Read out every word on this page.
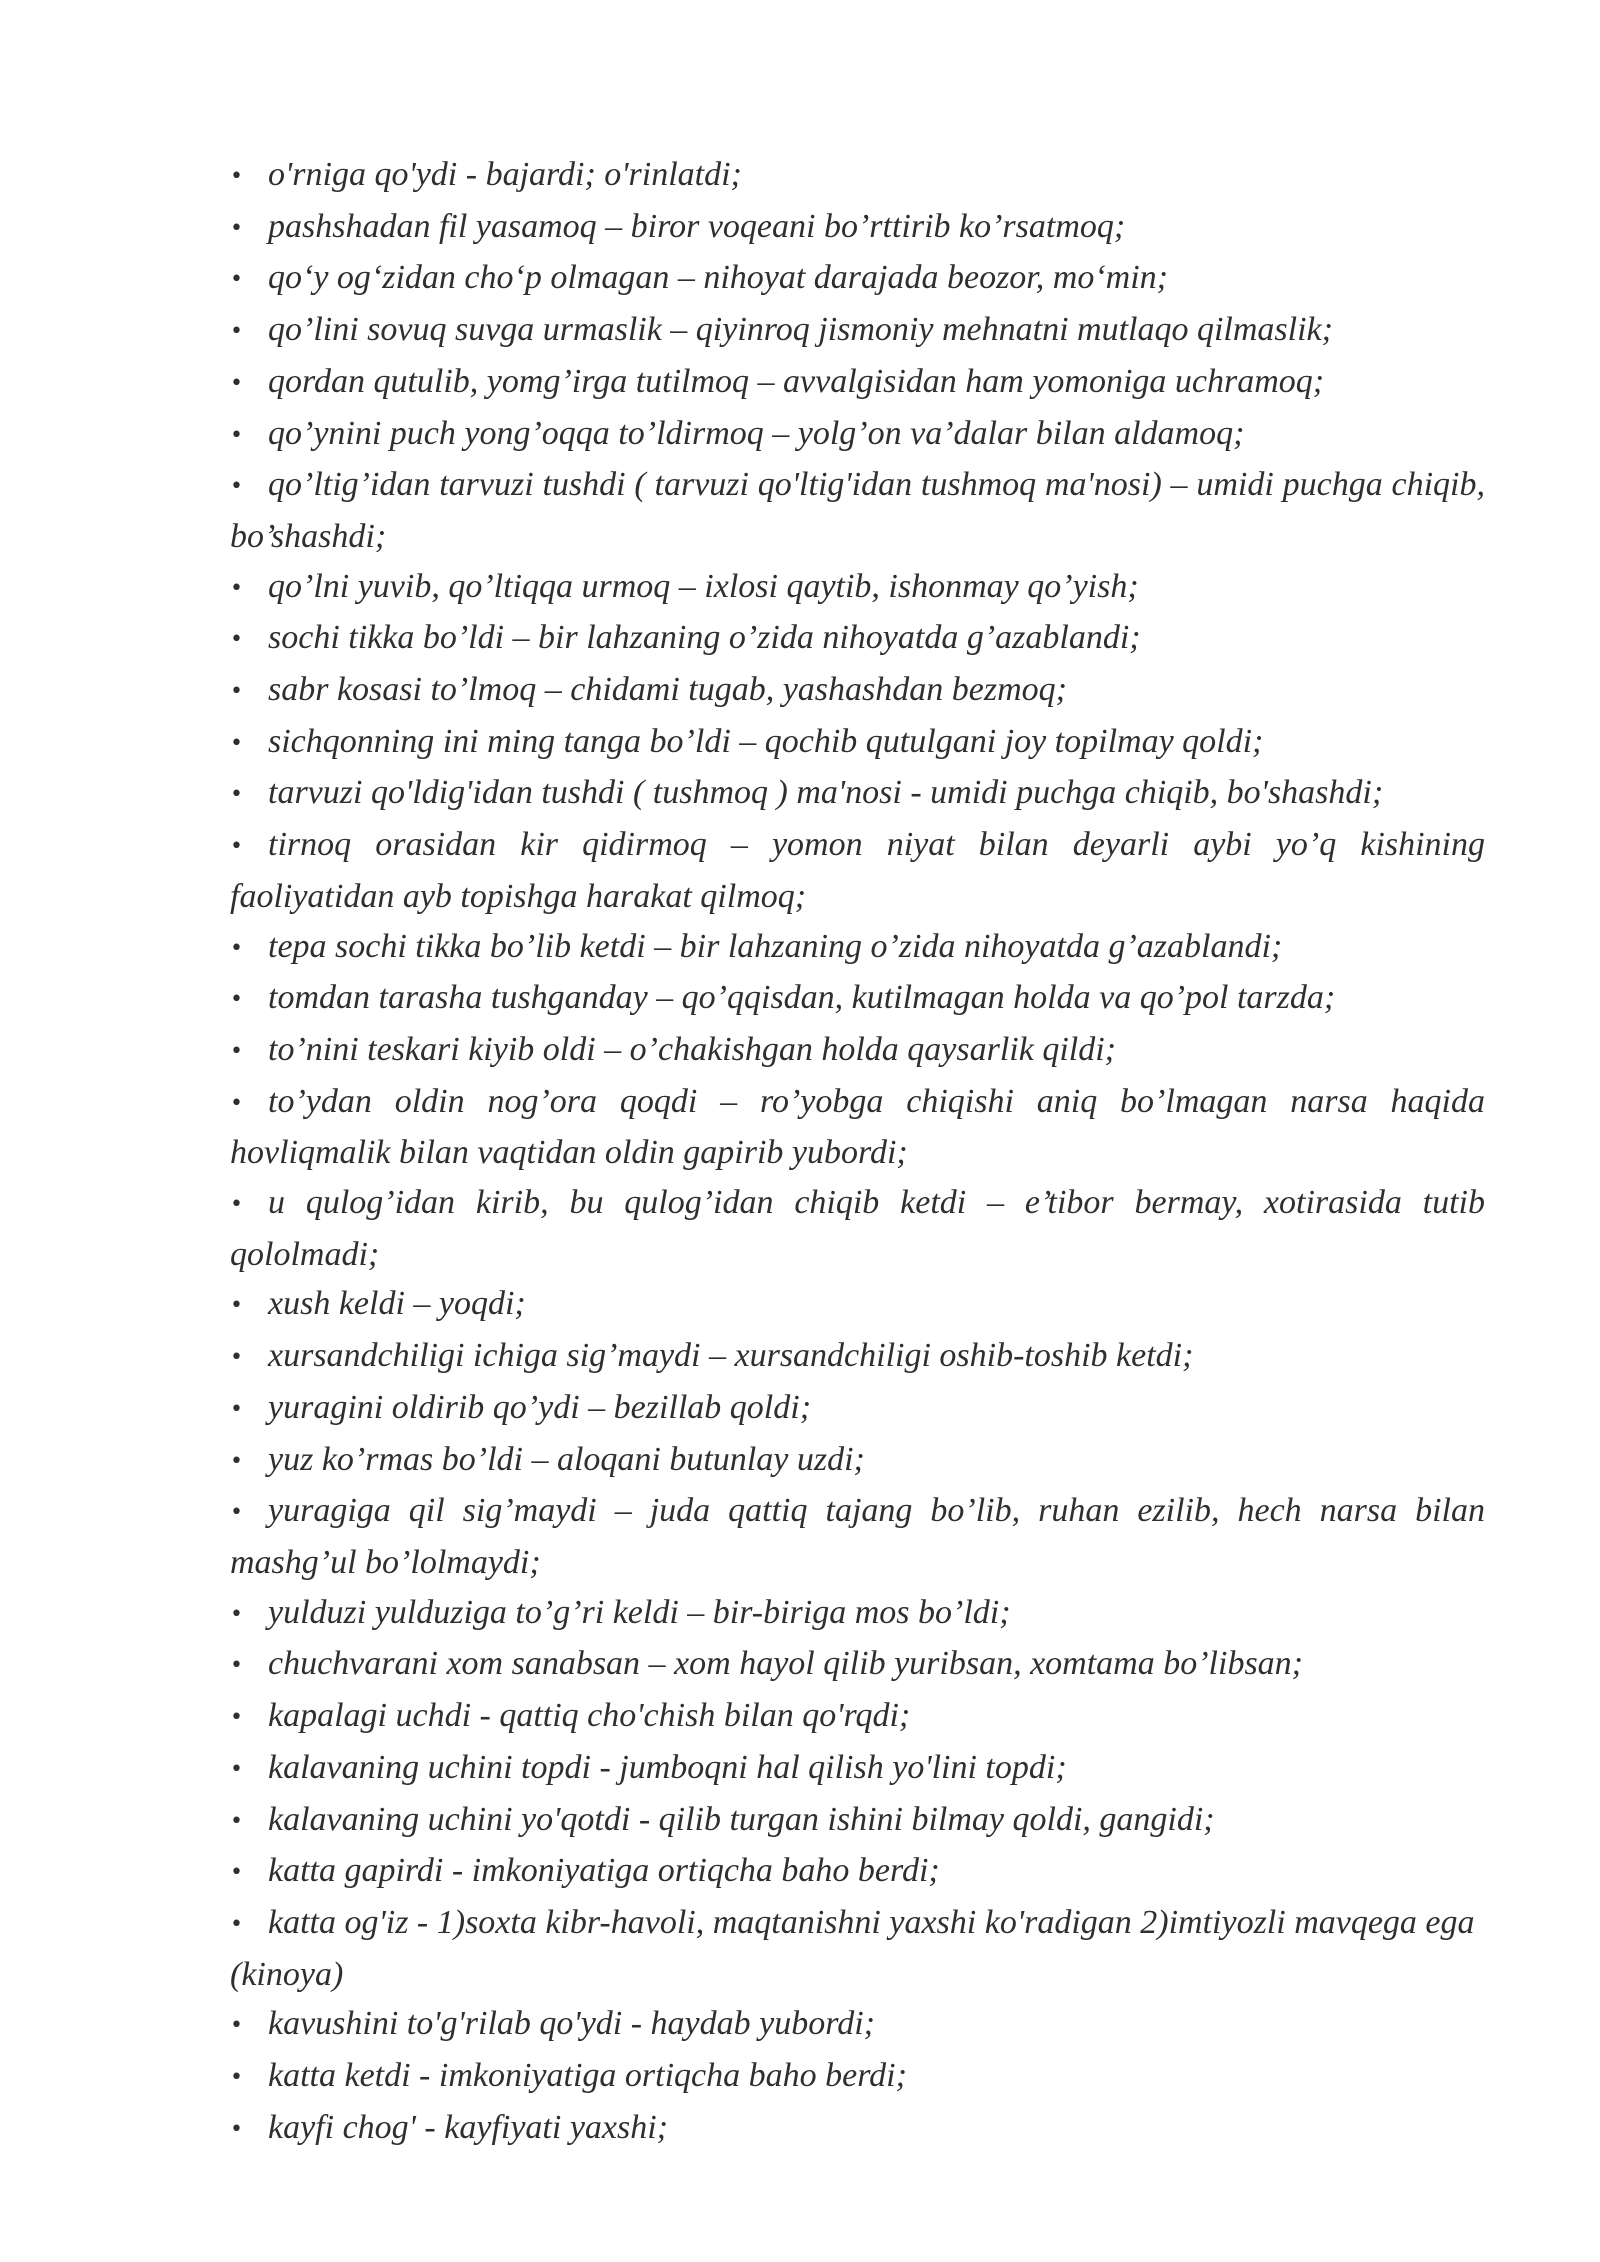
• o'rniga qo'ydi - bajardi; o'rinlatdi;

• pashshadan fil yasamoq – biror voqeani bo’rttirib ko’rsatmoq;

• qo‘y og‘zidan cho‘p olmagan – nihoyat darajada beozor, mo‘min;

• qo’lini sovuq suvga urmaslik – qiyinroq jismoniy mehnatni mutlaqo qilmaslik;

• qordan qutulib, yomg’irga tutilmoq – avvalgisidan ham yomoniga uchramoq;

• qo’ynini puch yong’oqqa to’ldirmoq – yolg’on va’dalar bilan aldamoq;

• qo’ltig’idan tarvuzi tushdi ( tarvuzi qo'ltig'idan tushmoq ma'nosi) – umidi puchga chiqib, bo’shashdi;

• qo’lni yuvib, qo’ltiqqa urmoq – ixlosi qaytib, ishonmay qo’yish;

• sochi tikka bo’ldi – bir lahzaning o’zida nihoyatda g’azablandi;

• sabr kosasi to’lmoq – chidami tugab, yashashdan bezmoq;

• sichqonning ini ming tanga bo’ldi – qochib qutulgani joy topilmay qoldi;

• tarvuzi qo'ldig'idan tushdi ( tushmoq ) ma'nosi - umidi puchga chiqib, bo'shashdi;

• tirnoq orasidan kir qidirmoq – yomon niyat bilan deyarli aybi yo’q kishining faoliyatidan ayb topishga harakat qilmoq;

• tepa sochi tikka bo’lib ketdi – bir lahzaning o’zida nihoyatda g’azablandi;

• tomdan tarasha tushganday – qo’qqisdan, kutilmagan holda va qo’pol tarzda;

• to’nini teskari kiyib oldi – o’chakishgan holda qaysarlik qildi;

• to’ydan oldin nog’ora qoqdi – ro’yobga chiqishi aniq bo’lmagan narsa haqida hovliqmalik bilan vaqtidan oldin gapirib yubordi;

• u qulog’idan kirib, bu qulog’idan chiqib ketdi – e’tibor bermay, xotirasida tutib qololmadi;

• xush keldi – yoqdi;

• xursandchiligi ichiga sig’maydi – xursandchiligi oshib-toshib ketdi;

• yuragini oldirib qo’ydi – bezillab qoldi;

• yuz ko’rmas bo’ldi – aloqani butunlay uzdi;

• yuragiga qil sig’maydi – juda qattiq tajang bo’lib, ruhan ezilib, hech narsa bilan mashg’ul bo’lolmaydi;

• yulduzi yulduziga to’g’ri keldi – bir-biriga mos bo’ldi;

• chuchvarani xom sanabsan – xom hayol qilib yuribsan, xomtama bo’libsan;

• kapalagi uchdi - qattiq cho'chish bilan qo'rqdi;

• kalavaning uchini topdi - jumboqni hal qilish yo'lini topdi;

• kalavaning uchini yo'qotdi - qilib turgan ishini bilmay qoldi, gangidi;

• katta gapirdi - imkoniyatiga ortiqcha baho berdi;

• katta og'iz - 1)soxta kibr-havoli, maqtanishni yaxshi ko'radigan 2)imtiyozli mavqega ega (kinoya)

• kavushini to'g'rilab qo'ydi - haydab yubordi;

• katta ketdi - imkoniyatiga ortiqcha baho berdi;

• kayfi chog' - kayfiyati yaxshi;
